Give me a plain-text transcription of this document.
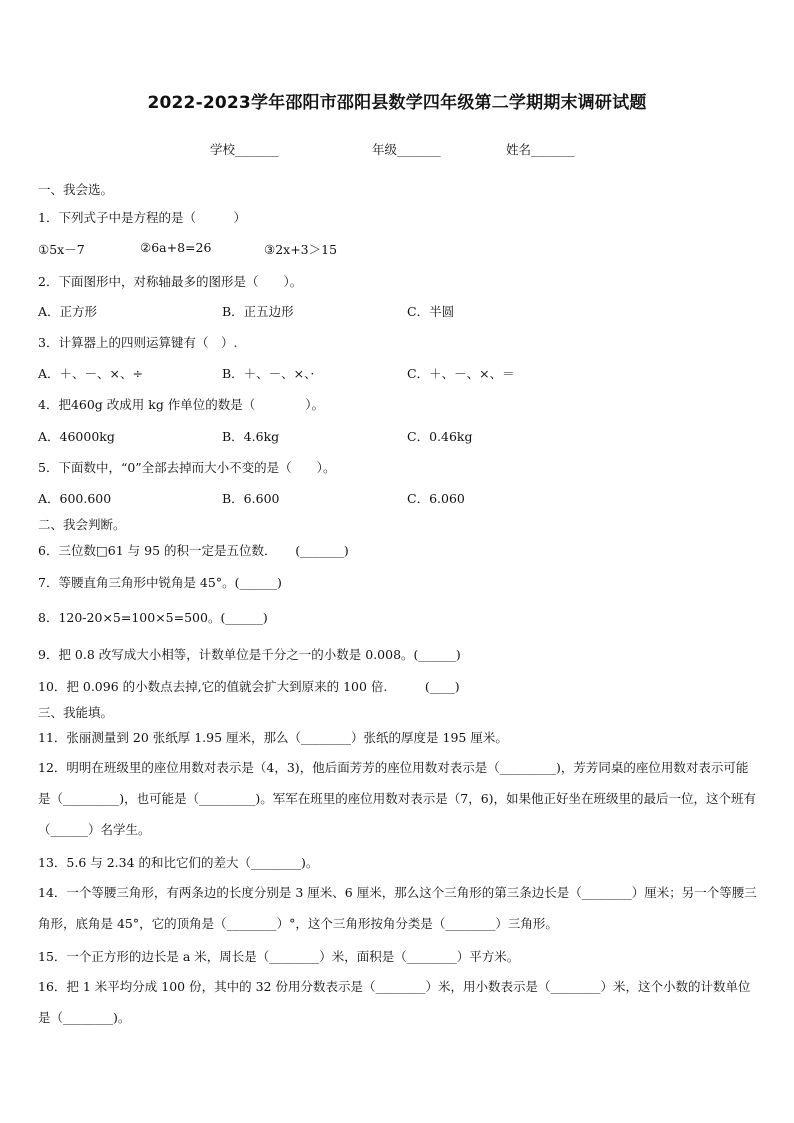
2022-2023学年邵阳市邵阳县数学四年级第二学期期末调研试题
学校_______	年级_______	姓名_______
一、我会选。
1．下列式子中是方程的是（　　　）
①5x－7	②6a+8=26	③2x+3＞15
2．下面图形中，对称轴最多的图形是（　　）。
A．正方形	B．正五边形	C．半圆
3．计算器上的四则运算键有（　）.
A．＋、－、×、÷	B．＋、－、×、·	C．＋、－、×、＝
4．把460g 改成用 kg 作单位的数是（　　　　）。
A．46000kg	B．4.6kg	C．0.46kg
5．下面数中，“0”全部去掉而大小不变的是（　　）。
A．600.600	B．6.600	C．6.060
二、我会判断。
6．三位数□61 与 95 的积一定是五位数．　　(_______)
7．等腰直角三角形中锐角是 45°。(______)
8．120-20×5=100×5=500。(______)
9．把 0.8 改写成大小相等，计数单位是千分之一的小数是 0.008。(______)
10．把 0.096 的小数点去掉,它的值就会扩大到原来的 100 倍.　　　(____)
三、我能填。
11．张丽测量到 20 张纸厚 1.95 厘米，那么（________）张纸的厚度是 195 厘米。
12．明明在班级里的座位用数对表示是（4，3)，他后面芳芳的座位用数对表示是（_________)，芳芳同桌的座位用数对表示可能是（_________)，也可能是（_________)。军军在班里的座位用数对表示是（7，6)，如果他正好坐在班级里的最后一位，这个班有（______）名学生。
13．5.6 与 2.34 的和比它们的差大（________)。
14．一个等腰三角形，有两条边的长度分别是 3 厘米、6 厘米，那么这个三角形的第三条边长是（________）厘米；另一个等腰三角形，底角是 45°，它的顶角是（________）°，这个三角形按角分类是（________）三角形。
15．一个正方形的边长是 a 米，周长是（________）米，面积是（________）平方米。
16．把 1 米平均分成 100 份，其中的 32 份用分数表示是（________）米，用小数表示是（________）米，这个小数的计数单位是（________)。
